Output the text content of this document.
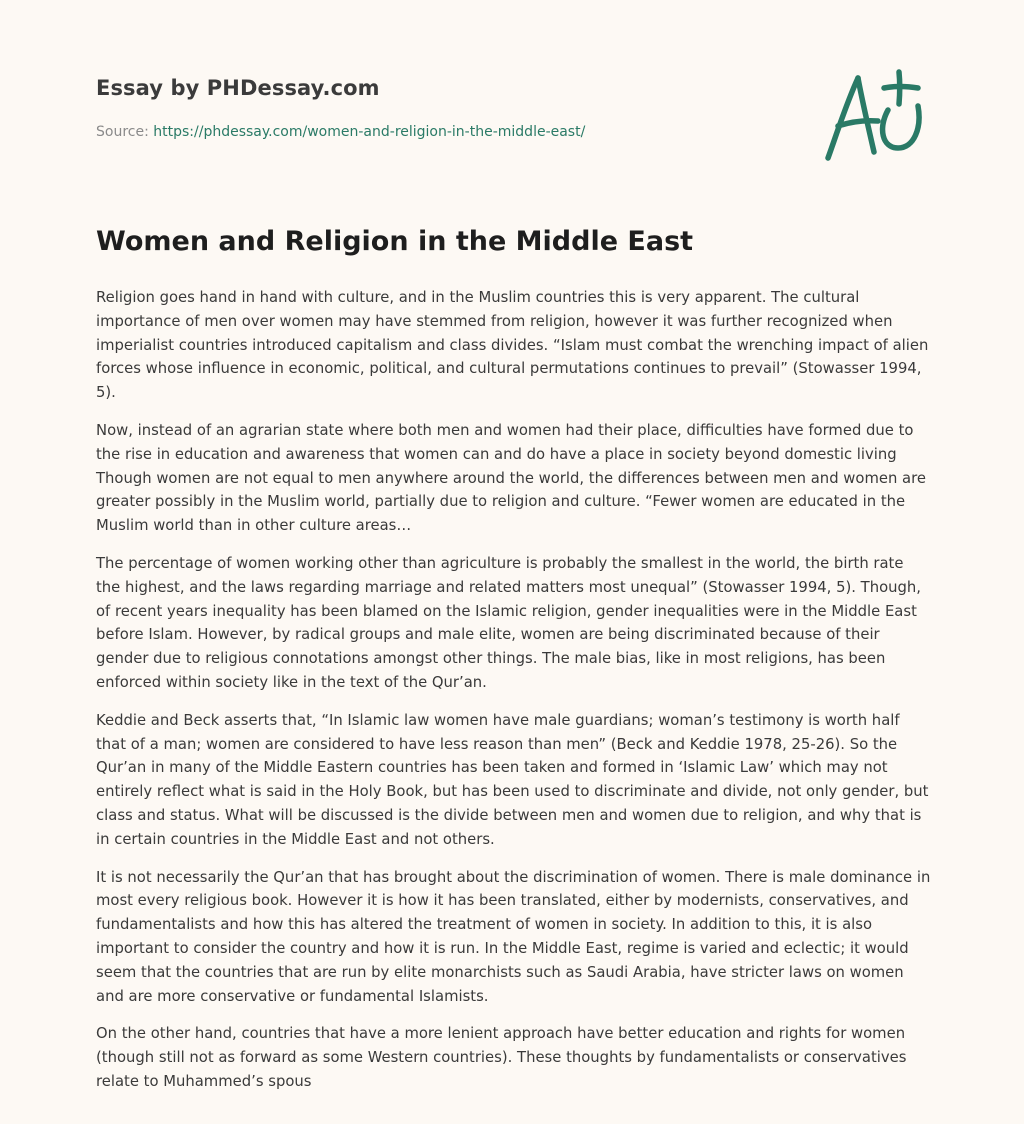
Essay by PHDessay.com
Source: https://phdessay.com/women-and-religion-in-the-middle-east/
Women and Religion in the Middle East

Religion goes hand in hand with culture, and in the Muslim countries this is very apparent. The cultural importance of men over women may have stemmed from religion, however it was further recognized when imperialist countries introduced capitalism and class divides. “Islam must combat the wrenching impact of alien forces whose influence in economic, political, and cultural permutations continues to prevail” (Stowasser 1994, 5).

Now, instead of an agrarian state where both men and women had their place, difficulties have formed due to the rise in education and awareness that women can and do have a place in society beyond domestic living Though women are not equal to men anywhere around the world, the differences between men and women are greater possibly in the Muslim world, partially due to religion and culture. “Fewer women are educated in the Muslim world than in other culture areas…

The percentage of women working other than agriculture is probably the smallest in the world, the birth rate the highest, and the laws regarding marriage and related matters most unequal” (Stowasser 1994, 5). Though, of recent years inequality has been blamed on the Islamic religion, gender inequalities were in the Middle East before Islam. However, by radical groups and male elite, women are being discriminated because of their gender due to religious connotations amongst other things. The male bias, like in most religions, has been enforced within society like in the text of the Qur’an.

Keddie and Beck asserts that, “In Islamic law women have male guardians; woman’s testimony is worth half that of a man; women are considered to have less reason than men” (Beck and Keddie 1978, 25-26). So the Qur’an in many of the Middle Eastern countries has been taken and formed in ‘Islamic Law’ which may not entirely reflect what is said in the Holy Book, but has been used to discriminate and divide, not only gender, but class and status. What will be discussed is the divide between men and women due to religion, and why that is in certain countries in the Middle East and not others.

It is not necessarily the Qur’an that has brought about the discrimination of women. There is male dominance in most every religious book. However it is how it has been translated, either by modernists, conservatives, and fundamentalists and how this has altered the treatment of women in society. In addition to this, it is also important to consider the country and how it is run. In the Middle East, regime is varied and eclectic; it would seem that the countries that are run by elite monarchists such as Saudi Arabia, have stricter laws on women and are more conservative or fundamental Islamists.

On the other hand, countries that have a more lenient approach have better education and rights for women (though still not as forward as some Western countries). These thoughts by fundamentalists or conservatives relate to Muhammed’s spous
